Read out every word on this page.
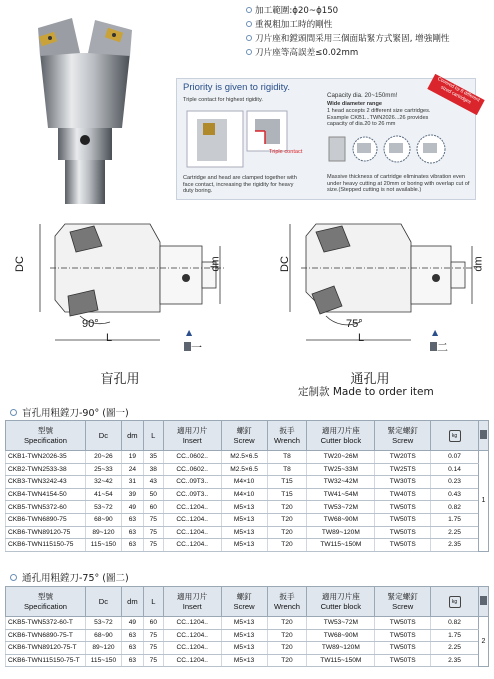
加工範圍:ϕ20~ϕ150
重視粗加工時的剛性
刀片座和鏜頭間采用三個面貼緊方式緊固, 增強剛性
刀片座等高誤差≤0.02mm
Priority is given to rigidity.
Triple contact for highest rigidity.
Triple contact
Cartridge and head are clamped together with face contact, increasing the rigidity for heavy duty boring.
Capacity dia. 20~150mm!
Wide diameter range
1 head accepts 2 different size cartridges. Example CKB1...TWN2026...26 provides capacity of dia.20 to 26 mm
Massive thickness of cartridge eliminates vibration even under heavy cutting at 20mm or boring with overlap cut of size.(Stepped cutting is not available.)
Covered by 8 different sized cartridges
DC	dm
90°
L	▲
一
盲孔用
DC	dm
75°
L	▲
二
通孔用
定制款 Made to order item
盲孔用粗鏜刀-90° (圖一)
型號
Specification	Dc	dm	L	適用刀片
Insert	螺釘
Screw	扳手
Wrench	適用刀片座
Cutter block	緊定螺釘
Screw	kg	
CKB1-TWN2026-35	20~26	19	35	CC..0602..	M2.5×6.5	T8	TW20~26M	TW20TS	0.07	1
CKB2-TWN2533-38	25~33	24	38	CC..0602..	M2.5×6.5	T8	TW25~33M	TW25TS	0.14	
CKB3-TWN3242-43	32~42	31	43	CC..09T3..	M4×10	T15	TW32~42M	TW30TS	0.23	
CKB4-TWN4154-50	41~54	39	50	CC..09T3..	M4×10	T15	TW41~54M	TW40TS	0.43	
CKB5-TWN5372-60	53~72	49	60	CC..1204..	M5×13	T20	TW53~72M	TW50TS	0.82	
CKB6-TWN6890-75	68~90	63	75	CC..1204..	M5×13	T20	TW68~90M	TW50TS	1.75	
CKB6-TWN89120-75	89~120	63	75	CC..1204..	M5×13	T20	TW89~120M	TW50TS	2.25	
CKB6-TWN115150-75	115~150	63	75	CC..1204..	M5×13	T20	TW115~150M	TW50TS	2.35	
通孔用粗鏜刀-75° (圖二)
型號
Specification	Dc	dm	L	適用刀片
Insert	螺釘
Screw	扳手
Wrench	適用刀片座
Cutter block	緊定螺釘
Screw	kg	
CKB5-TWN5372-60-T	53~72	49	60	CC..1204..	M5×13	T20	TW53~72M	TW50TS	0.82	2
CKB6-TWN6890-75-T	68~90	63	75	CC..1204..	M5×13	T20	TW68~90M	TW50TS	1.75	
CKB6-TWN89120-75-T	89~120	63	75	CC..1204..	M5×13	T20	TW89~120M	TW50TS	2.25	
CKB6-TWN115150-75-T	115~150	63	75	CC..1204..	M5×13	T20	TW115~150M	TW50TS	2.35	
